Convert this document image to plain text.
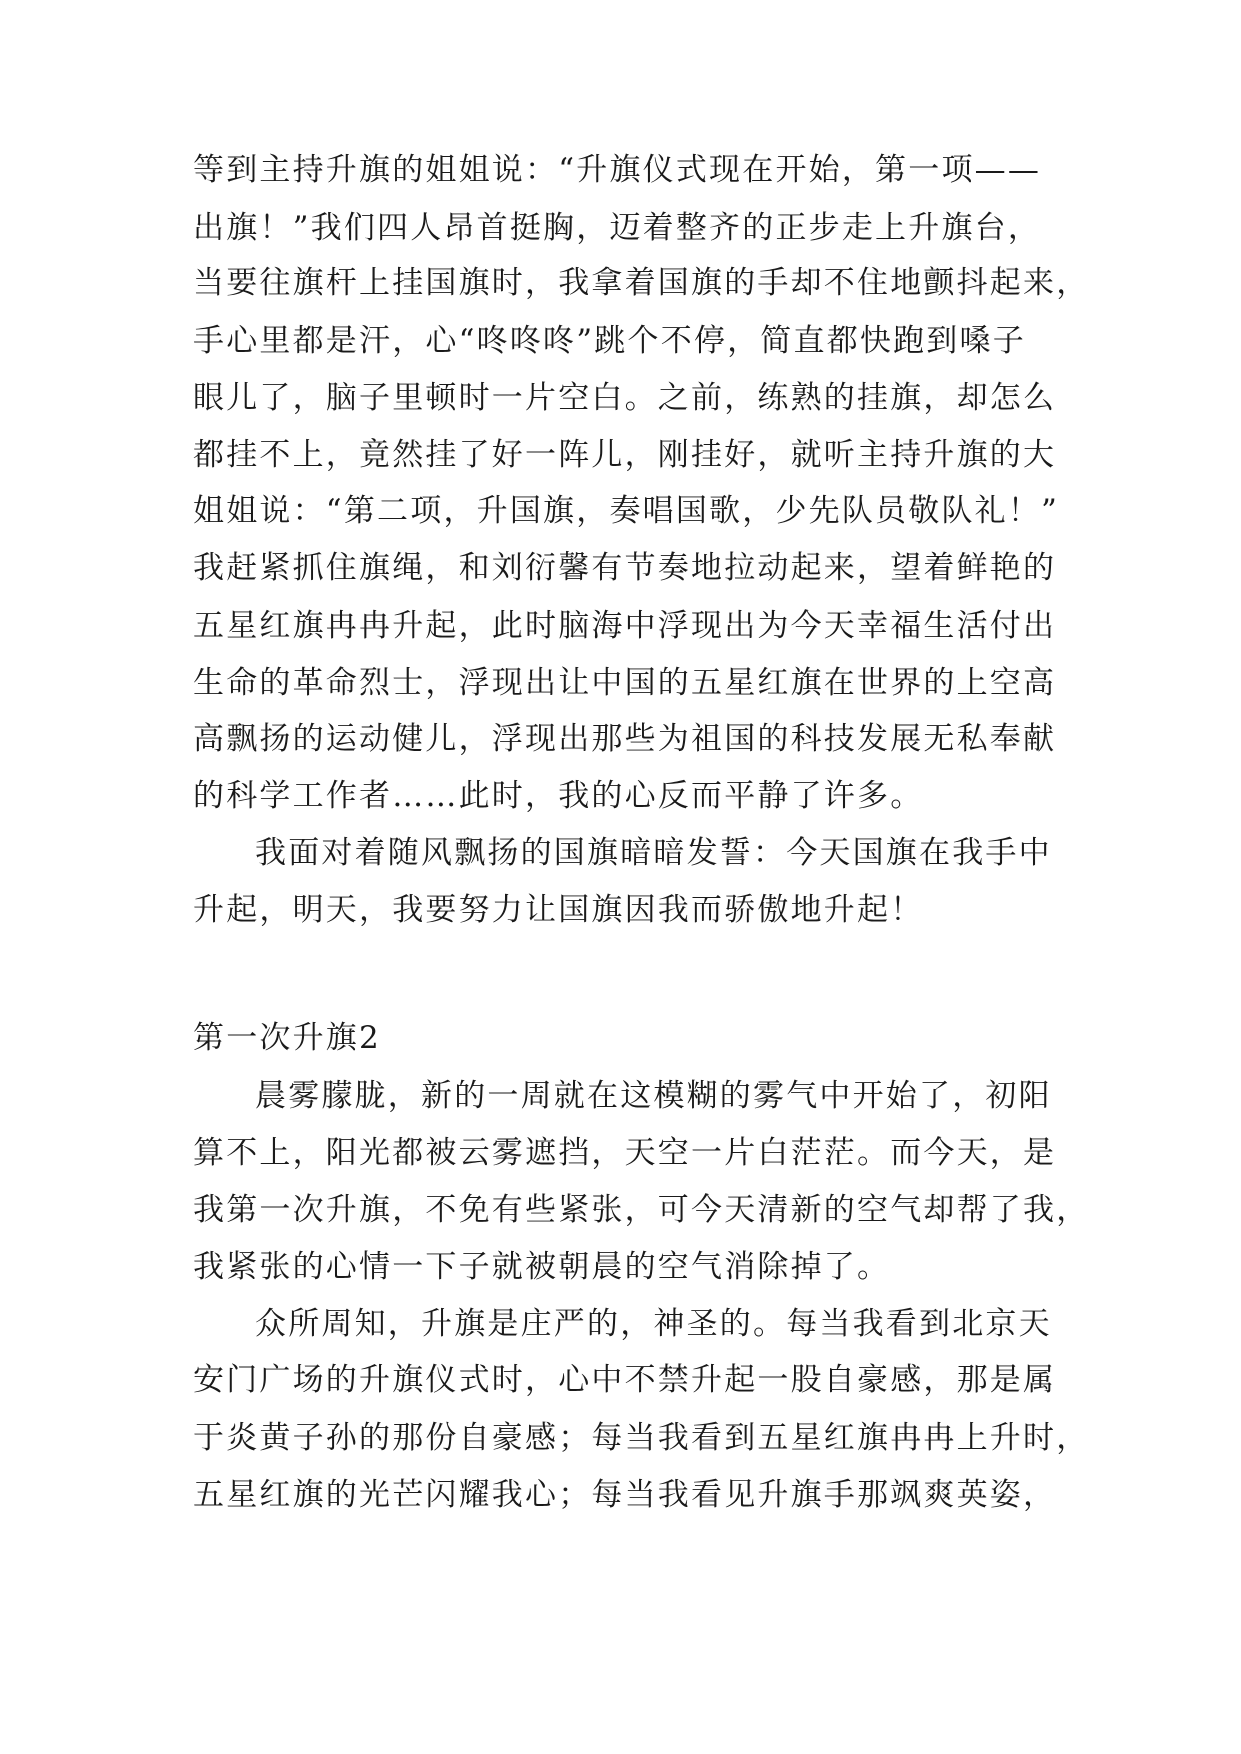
等到主持升旗的姐姐说：“升旗仪式现在开始，第一项——
出旗！”我们四人昂首挺胸，迈着整齐的正步走上升旗台，
当要往旗杆上挂国旗时，我拿着国旗的手却不住地颤抖起来，
手心里都是汗，心“咚咚咚”跳个不停，简直都快跑到嗓子
眼儿了，脑子里顿时一片空白。之前，练熟的挂旗，却怎么
都挂不上，竟然挂了好一阵儿，刚挂好，就听主持升旗的大
姐姐说：“第二项，升国旗，奏唱国歌，少先队员敬队礼！”
我赶紧抓住旗绳，和刘衍馨有节奏地拉动起来，望着鲜艳的
五星红旗冉冉升起，此时脑海中浮现出为今天幸福生活付出
生命的革命烈士，浮现出让中国的五星红旗在世界的上空高
高飘扬的运动健儿，浮现出那些为祖国的科技发展无私奉献
的科学工作者……此时，我的心反而平静了许多。
我面对着随风飘扬的国旗暗暗发誓：今天国旗在我手中
升起，明天，我要努力让国旗因我而骄傲地升起！
第一次升旗2
晨雾朦胧，新的一周就在这模糊的雾气中开始了，初阳
算不上，阳光都被云雾遮挡，天空一片白茫茫。而今天，是
我第一次升旗，不免有些紧张，可今天清新的空气却帮了我，
我紧张的心情一下子就被朝晨的空气消除掉了。
众所周知，升旗是庄严的，神圣的。每当我看到北京天
安门广场的升旗仪式时，心中不禁升起一股自豪感，那是属
于炎黄子孙的那份自豪感；每当我看到五星红旗冉冉上升时，
五星红旗的光芒闪耀我心；每当我看见升旗手那飒爽英姿，
